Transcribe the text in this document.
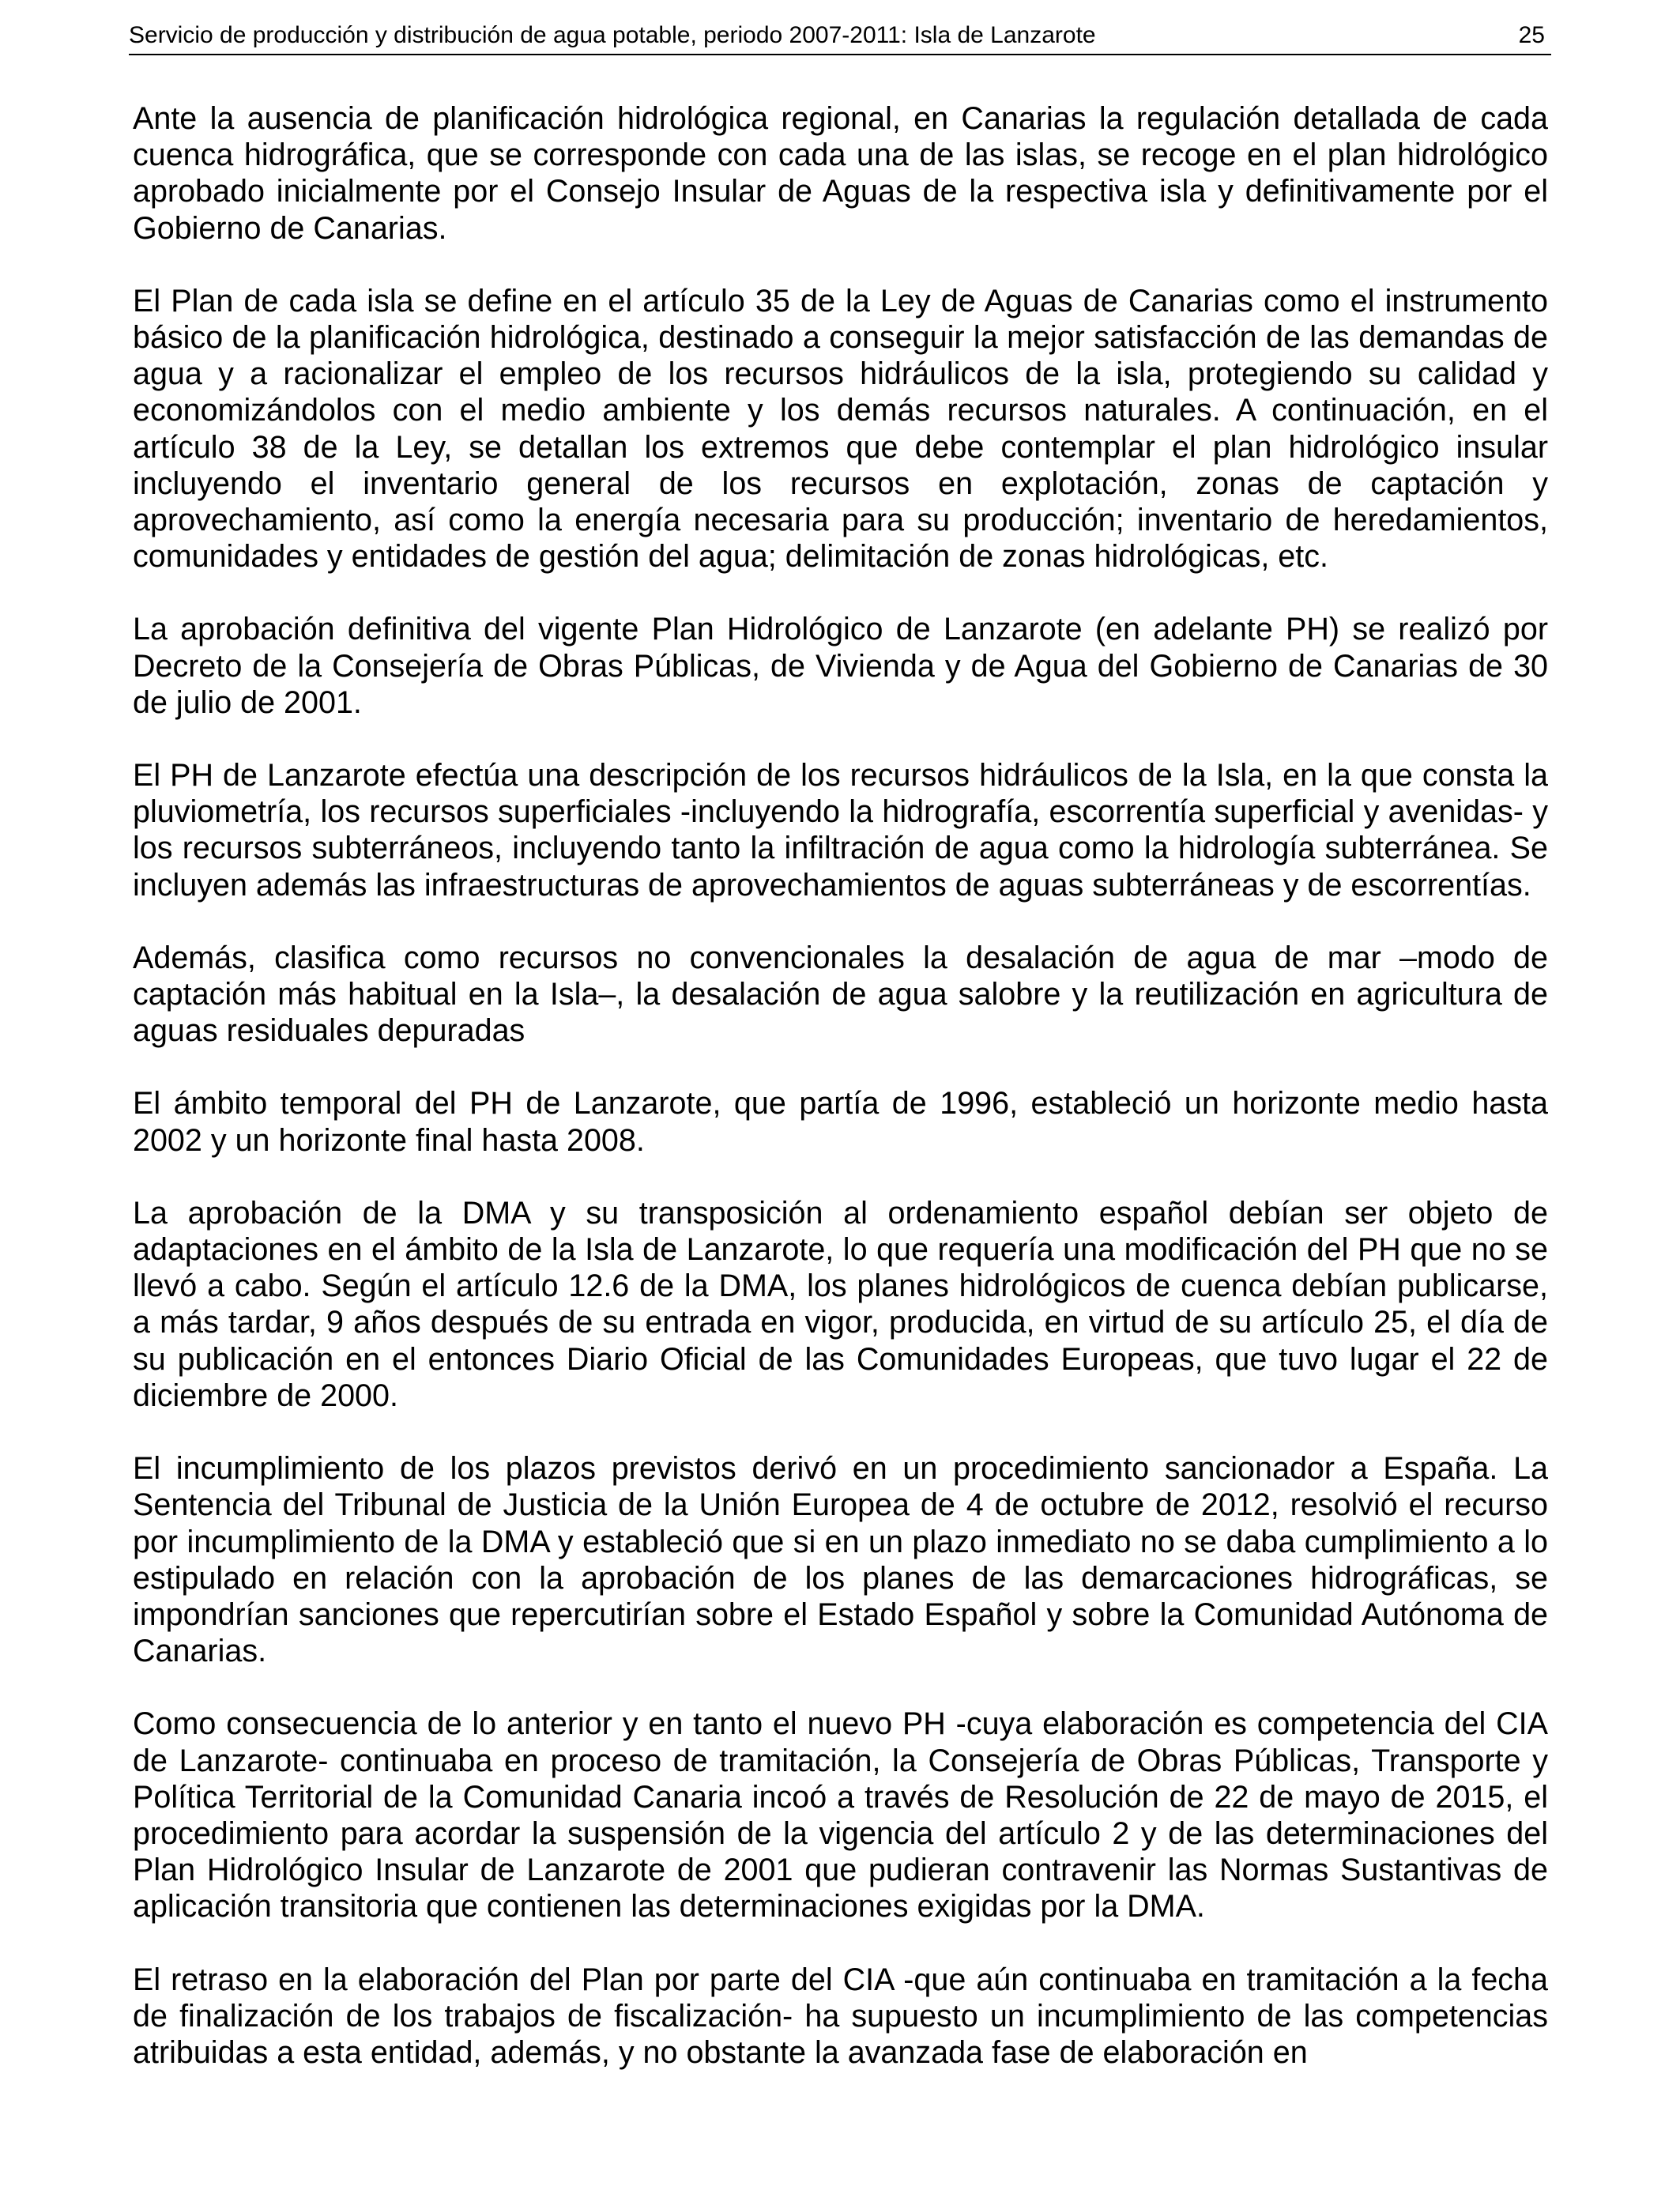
Servicio de producción y distribución de agua potable, periodo 2007-2011: Isla de Lanzarote	25

Ante la ausencia de planificación hidrológica regional, en Canarias la regulación detallada de cada cuenca hidrográfica, que se corresponde con cada una de las islas, se recoge en el plan hidrológico aprobado inicialmente por el Consejo Insular de Aguas de la respectiva isla y definitivamente por el Gobierno de Canarias.

El Plan de cada isla se define en el artículo 35 de la Ley de Aguas de Canarias como el instrumento básico de la planificación hidrológica, destinado a conseguir la mejor satisfacción de las demandas de agua y a racionalizar el empleo de los recursos hidráulicos de la isla, protegiendo su calidad y economizándolos con el medio ambiente y los demás recursos naturales. A continuación, en el artículo 38 de la Ley, se detallan los extremos que debe contemplar el plan hidrológico insular incluyendo el inventario general de los recursos en explotación, zonas de captación y aprovechamiento, así como la energía necesaria para su producción; inventario de heredamientos, comunidades y entidades de gestión del agua; delimitación de zonas hidrológicas, etc.

La aprobación definitiva del vigente Plan Hidrológico de Lanzarote (en adelante PH) se realizó por Decreto de la Consejería de Obras Públicas, de Vivienda y de Agua del Gobierno de Canarias de 30 de julio de 2001.

El PH de Lanzarote efectúa una descripción de los recursos hidráulicos de la Isla, en la que consta la pluviometría, los recursos superficiales -incluyendo la hidrografía, escorrentía superficial y avenidas- y los recursos subterráneos, incluyendo tanto la infiltración de agua como la hidrología subterránea. Se incluyen además las infraestructuras de aprovechamientos de aguas subterráneas y de escorrentías.

Además, clasifica como recursos no convencionales la desalación de agua de mar –modo de captación más habitual en la Isla–, la desalación de agua salobre y la reutilización en agricultura de aguas residuales depuradas

El ámbito temporal del PH de Lanzarote, que partía de 1996, estableció un horizonte medio hasta 2002 y un horizonte final hasta 2008.

La aprobación de la DMA y su transposición al ordenamiento español debían ser objeto de adaptaciones en el ámbito de la Isla de Lanzarote, lo que requería una modificación del PH que no se llevó a cabo. Según el artículo 12.6 de la DMA, los planes hidrológicos de cuenca debían publicarse, a más tardar, 9 años después de su entrada en vigor, producida, en virtud de su artículo 25, el día de su publicación en el entonces Diario Oficial de las Comunidades Europeas, que tuvo lugar el 22 de diciembre de 2000.

El incumplimiento de los plazos previstos derivó en un procedimiento sancionador a España. La Sentencia del Tribunal de Justicia de la Unión Europea de 4 de octubre de 2012, resolvió el recurso por incumplimiento de la DMA y estableció que si en un plazo inmediato no se daba cumplimiento a lo estipulado en relación con la aprobación de los planes de las demarcaciones hidrográficas, se impondrían sanciones que repercutirían sobre el Estado Español y sobre la Comunidad Autónoma de Canarias.

Como consecuencia de lo anterior y en tanto el nuevo PH -cuya elaboración es competencia del CIA de Lanzarote- continuaba en proceso de tramitación, la Consejería de Obras Públicas, Transporte y Política Territorial de la Comunidad Canaria incoó a través de Resolución de 22 de mayo de 2015, el procedimiento para acordar la suspensión de la vigencia del artículo 2 y de las determinaciones del Plan Hidrológico Insular de Lanzarote de 2001 que pudieran contravenir las Normas Sustantivas de aplicación transitoria que contienen las determinaciones exigidas por la DMA.

El retraso en la elaboración del Plan por parte del CIA -que aún continuaba en tramitación a la fecha de finalización de los trabajos de fiscalización- ha supuesto un incumplimiento de las competencias atribuidas a esta entidad, además, y no obstante la avanzada fase de elaboración en
